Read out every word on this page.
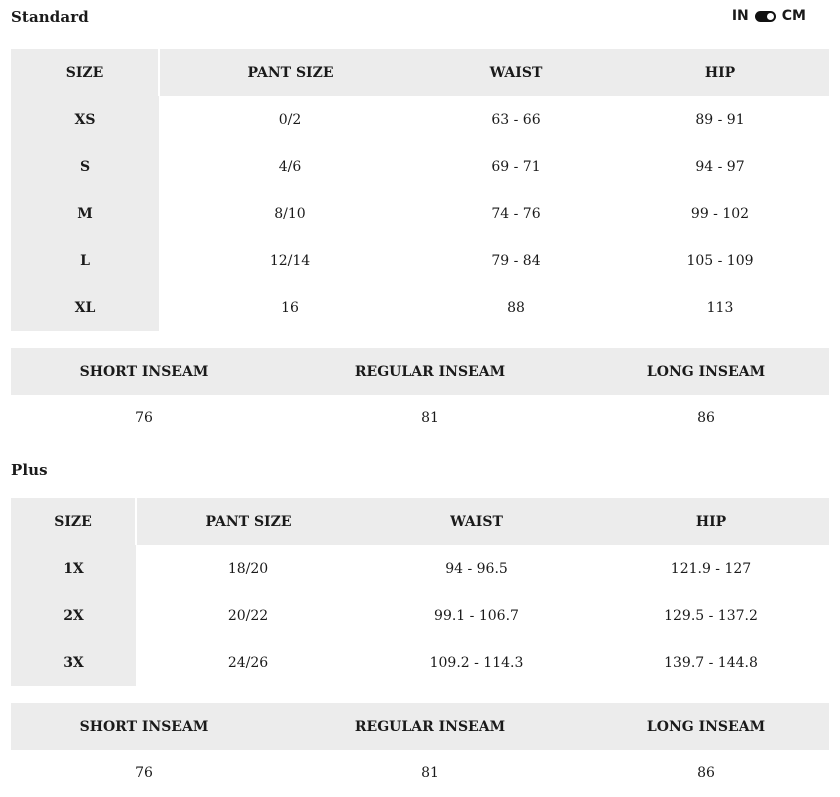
Standard	IN CM
SIZE	PANT SIZE	WAIST	HIP
XS	0/2	63 - 66	89 - 91
S	4/6	69 - 71	94 - 97
M	8/10	74 - 76	99 - 102
L	12/14	79 - 84	105 - 109
XL	16	88	113
SHORT INSEAM	REGULAR INSEAM	LONG INSEAM
76	81	86
Plus
SIZE	PANT SIZE	WAIST	HIP
1X	18/20	94 - 96.5	121.9 - 127
2X	20/22	99.1 - 106.7	129.5 - 137.2
3X	24/26	109.2 - 114.3	139.7 - 144.8
SHORT INSEAM	REGULAR INSEAM	LONG INSEAM
76	81	86
